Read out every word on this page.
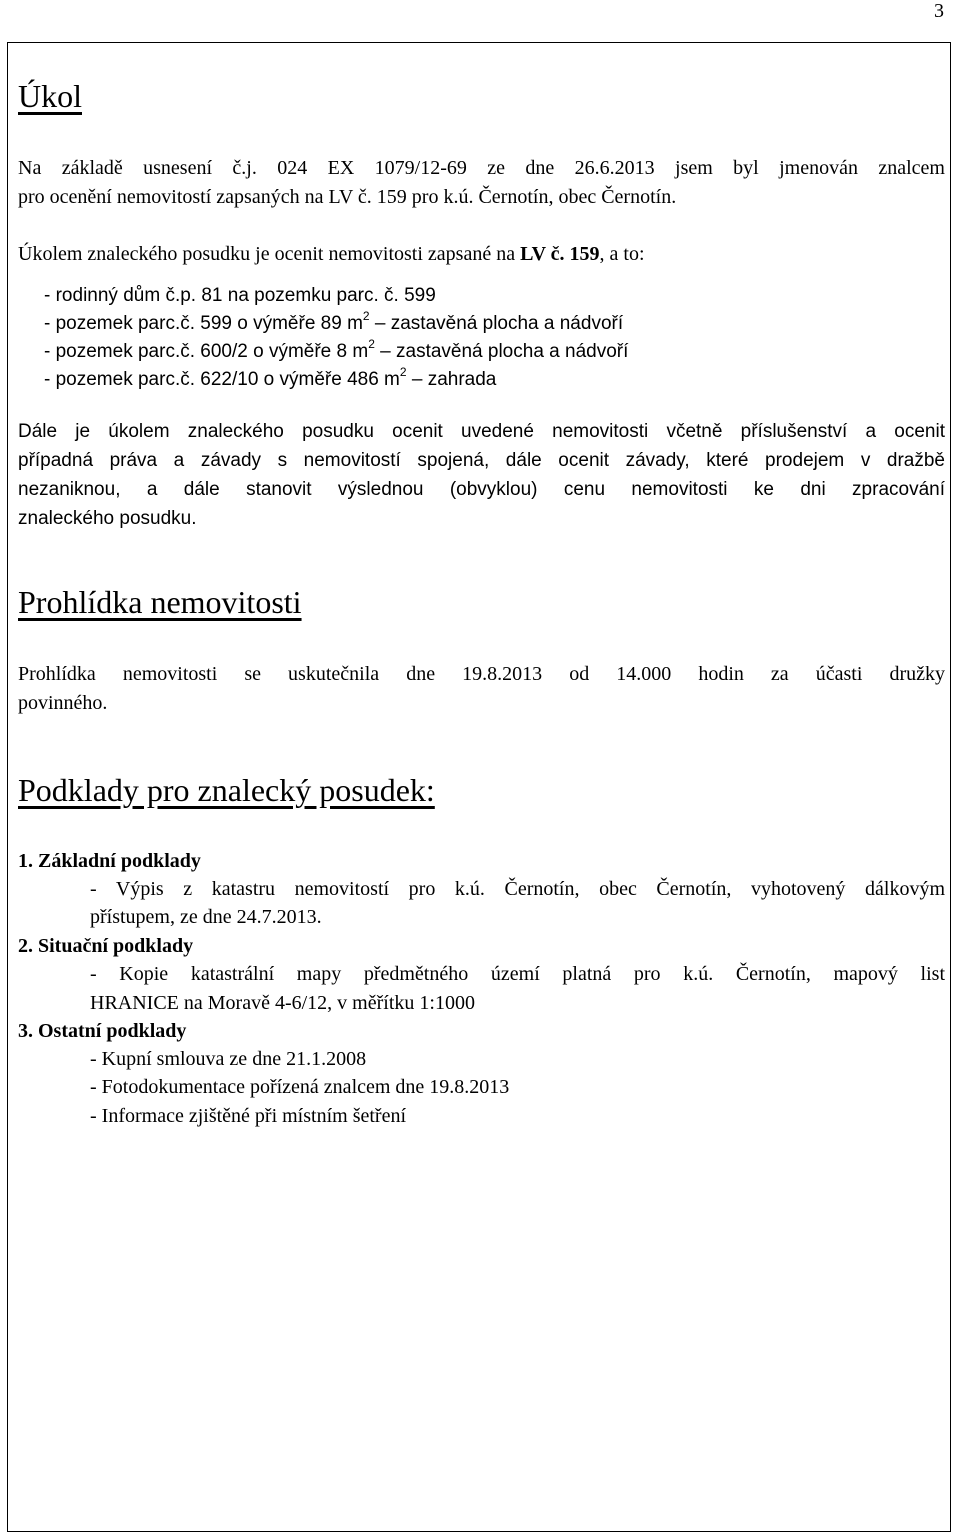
3
Úkol

Na základě usnesení č.j. 024 EX 1079/12-69 ze dne 26.6.2013 jsem byl jmenován znalcem

pro ocenění nemovitostí zapsaných na LV č. 159 pro k.ú. Černotín, obec Černotín.

Úkolem znaleckého posudku je ocenit nemovitosti zapsané na LV č. 159, a to:

- rodinný dům č.p. 81 na pozemku parc. č. 599

- pozemek parc.č. 599 o výměře 89 $m^2$ – zastavěná plocha a nádvoří

- pozemek parc.č. 600/2 o výměře 8 $m^2$ – zastavěná plocha a nádvoří

- pozemek parc.č. 622/10 o výměře 486 $m^2$ – zahrada

Dále je úkolem znaleckého posudku ocenit uvedené nemovitosti včetně příslušenství a ocenit

případná práva a závady s nemovitostí spojená, dále ocenit závady, které prodejem v dražbě

nezaniknou, a dále stanovit výslednou (obvyklou) cenu nemovitosti ke dni zpracování

znaleckého posudku.

Prohlídka nemovitosti

Prohlídka nemovitosti se uskutečnila dne 19.8.2013 od 14.000 hodin za účasti družky

povinného.

Podklady pro znalecký posudek:

1. Základní podklady

- Výpis z katastru nemovitostí pro k.ú. Černotín, obec Černotín, vyhotovený dálkovým

přístupem, ze dne 24.7.2013.

2. Situační podklady

- Kopie katastrální mapy předmětného území platná pro k.ú. Černotín, mapový list

HRANICE na Moravě 4-6/12, v měřítku 1:1000

3. Ostatní podklady

- Kupní smlouva ze dne 21.1.2008

- Fotodokumentace pořízená znalcem dne 19.8.2013

- Informace zjištěné při místním šetření
